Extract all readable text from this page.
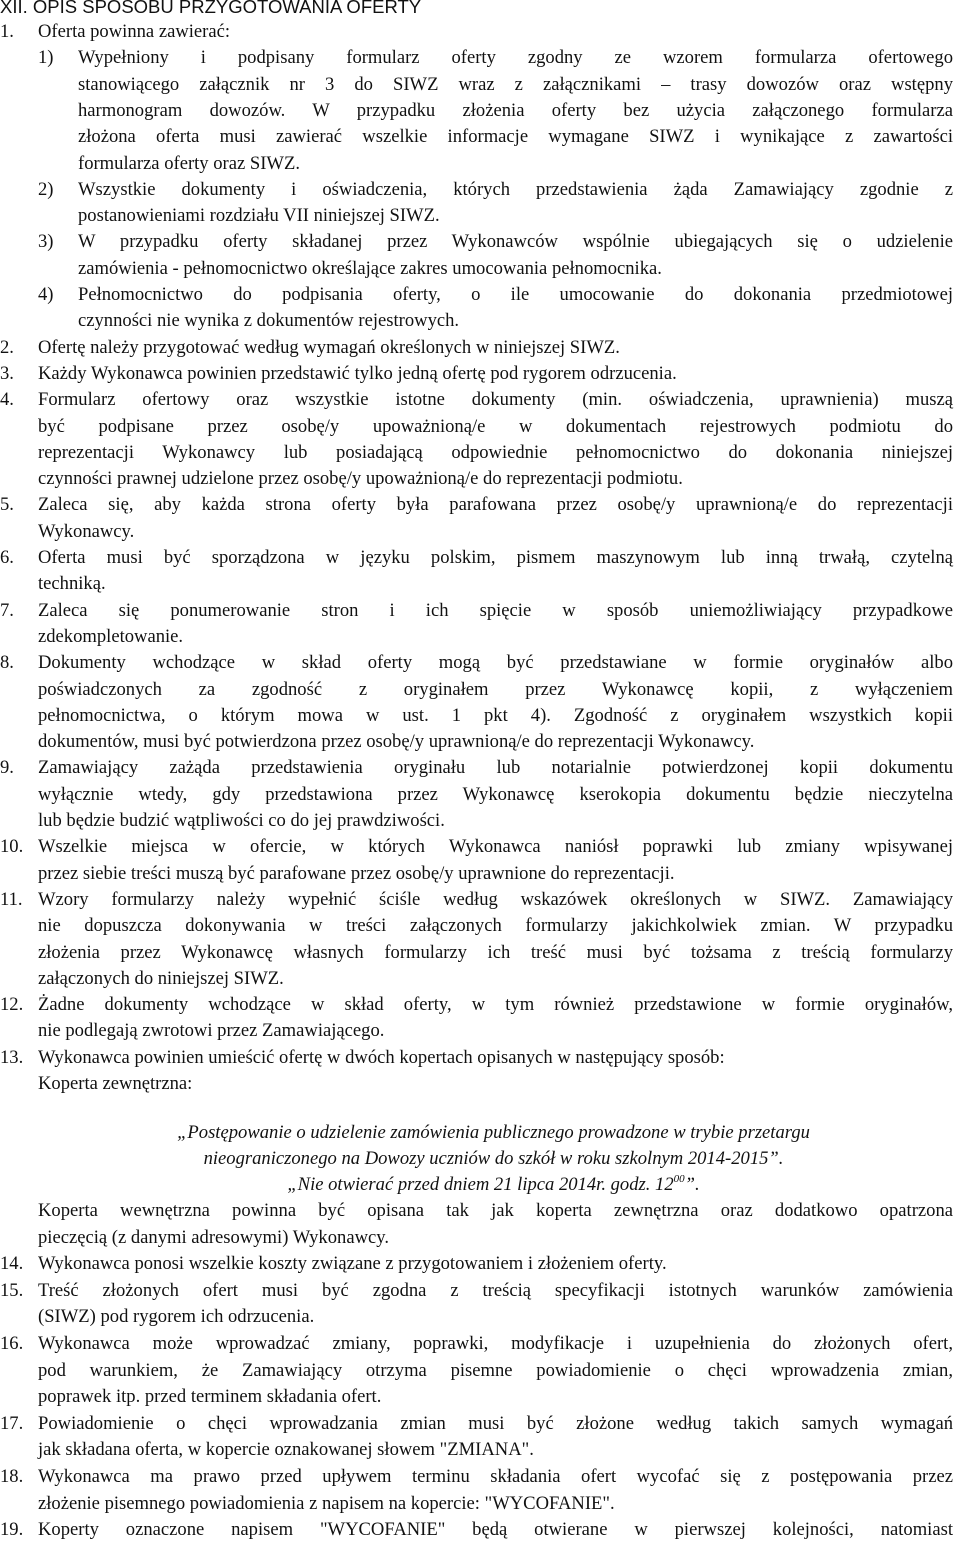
XII. OPIS SPOSOBU PRZYGOTOWANIA OFERTY
1. Oferta powinna zawierać:
1) Wypełniony i podpisany formularz oferty zgodny ze wzorem formularza ofertowego
stanowiącego załącznik nr 3 do SIWZ wraz z załącznikami – trasy dowozów oraz wstępny
harmonogram dowozów. W przypadku złożenia oferty bez użycia załączonego formularza
złożona oferta musi zawierać wszelkie informacje wymagane SIWZ i wynikające z zawartości
formularza oferty oraz SIWZ.
2) Wszystkie dokumenty i oświadczenia, których przedstawienia żąda Zamawiający zgodnie z
postanowieniami rozdziału VII niniejszej SIWZ.
3) W przypadku oferty składanej przez Wykonawców wspólnie ubiegających się o udzielenie
zamówienia - pełnomocnictwo określające zakres umocowania pełnomocnika.
4) Pełnomocnictwo do podpisania oferty, o ile umocowanie do dokonania przedmiotowej
czynności nie wynika z dokumentów rejestrowych.
2. Ofertę należy przygotować według wymagań określonych w niniejszej SIWZ.
3. Każdy Wykonawca powinien przedstawić tylko jedną ofertę pod rygorem odrzucenia.
4. Formularz ofertowy oraz wszystkie istotne dokumenty (min. oświadczenia, uprawnienia) muszą
być podpisane przez osobę/y upoważnioną/e w dokumentach rejestrowych podmiotu do
reprezentacji Wykonawcy lub posiadającą odpowiednie pełnomocnictwo do dokonania niniejszej
czynności prawnej udzielone przez osobę/y upoważnioną/e do reprezentacji podmiotu.
5. Zaleca się, aby każda strona oferty była parafowana przez osobę/y uprawnioną/e do reprezentacji
Wykonawcy.
6. Oferta musi być sporządzona w języku polskim, pismem maszynowym lub inną trwałą, czytelną
techniką.
7. Zaleca się ponumerowanie stron i ich spięcie w sposób uniemożliwiający przypadkowe
zdekompletowanie.
8. Dokumenty wchodzące w skład oferty mogą być przedstawiane w formie oryginałów albo
poświadczonych za zgodność z oryginałem przez Wykonawcę kopii, z wyłączeniem
pełnomocnictwa, o którym mowa w ust. 1 pkt 4). Zgodność z oryginałem wszystkich kopii
dokumentów, musi być potwierdzona przez osobę/y uprawnioną/e do reprezentacji Wykonawcy.
9. Zamawiający zażąda przedstawienia oryginału lub notarialnie potwierdzonej kopii dokumentu
wyłącznie wtedy, gdy przedstawiona przez Wykonawcę kserokopia dokumentu będzie nieczytelna
lub będzie budzić wątpliwości co do jej prawdziwości.
10. Wszelkie miejsca w ofercie, w których Wykonawca naniósł poprawki lub zmiany wpisywanej
przez siebie treści muszą być parafowane przez osobę/y uprawnione do reprezentacji.
11. Wzory formularzy należy wypełnić ściśle według wskazówek określonych w SIWZ. Zamawiający
nie dopuszcza dokonywania w treści załączonych formularzy jakichkolwiek zmian. W przypadku
złożenia przez Wykonawcę własnych formularzy ich treść musi być tożsama z treścią formularzy
załączonych do niniejszej SIWZ.
12. Żadne dokumenty wchodzące w skład oferty, w tym również przedstawione w formie oryginałów,
nie podlegają zwrotowi przez Zamawiającego.
13. Wykonawca powinien umieścić ofertę w dwóch kopertach opisanych w następujący sposób:
Koperta zewnętrzna:
„Postępowanie o udzielenie zamówienia publicznego prowadzone w trybie przetargu
nieograniczonego na Dowozy uczniów do szkół w roku szkolnym 2014-2015”.
„Nie otwierać przed dniem 21 lipca 2014r. godz. $12^{00}$”.
Koperta wewnętrzna powinna być opisana tak jak koperta zewnętrzna oraz dodatkowo opatrzona
pieczęcią (z danymi adresowymi) Wykonawcy.
14. Wykonawca ponosi wszelkie koszty związane z przygotowaniem i złożeniem oferty.
15. Treść złożonych ofert musi być zgodna z treścią specyfikacji istotnych warunków zamówienia
(SIWZ) pod rygorem ich odrzucenia.
16. Wykonawca może wprowadzać zmiany, poprawki, modyfikacje i uzupełnienia do złożonych ofert,
pod warunkiem, że Zamawiający otrzyma pisemne powiadomienie o chęci wprowadzenia zmian,
poprawek itp. przed terminem składania ofert.
17. Powiadomienie o chęci wprowadzania zmian musi być złożone według takich samych wymagań
jak składana oferta, w kopercie oznakowanej słowem "ZMIANA".
18. Wykonawca ma prawo przed upływem terminu składania ofert wycofać się z postępowania przez
złożenie pisemnego powiadomienia z napisem na kopercie: "WYCOFANIE".
19. Koperty oznaczone napisem "WYCOFANIE" będą otwierane w pierwszej kolejności, natomiast
